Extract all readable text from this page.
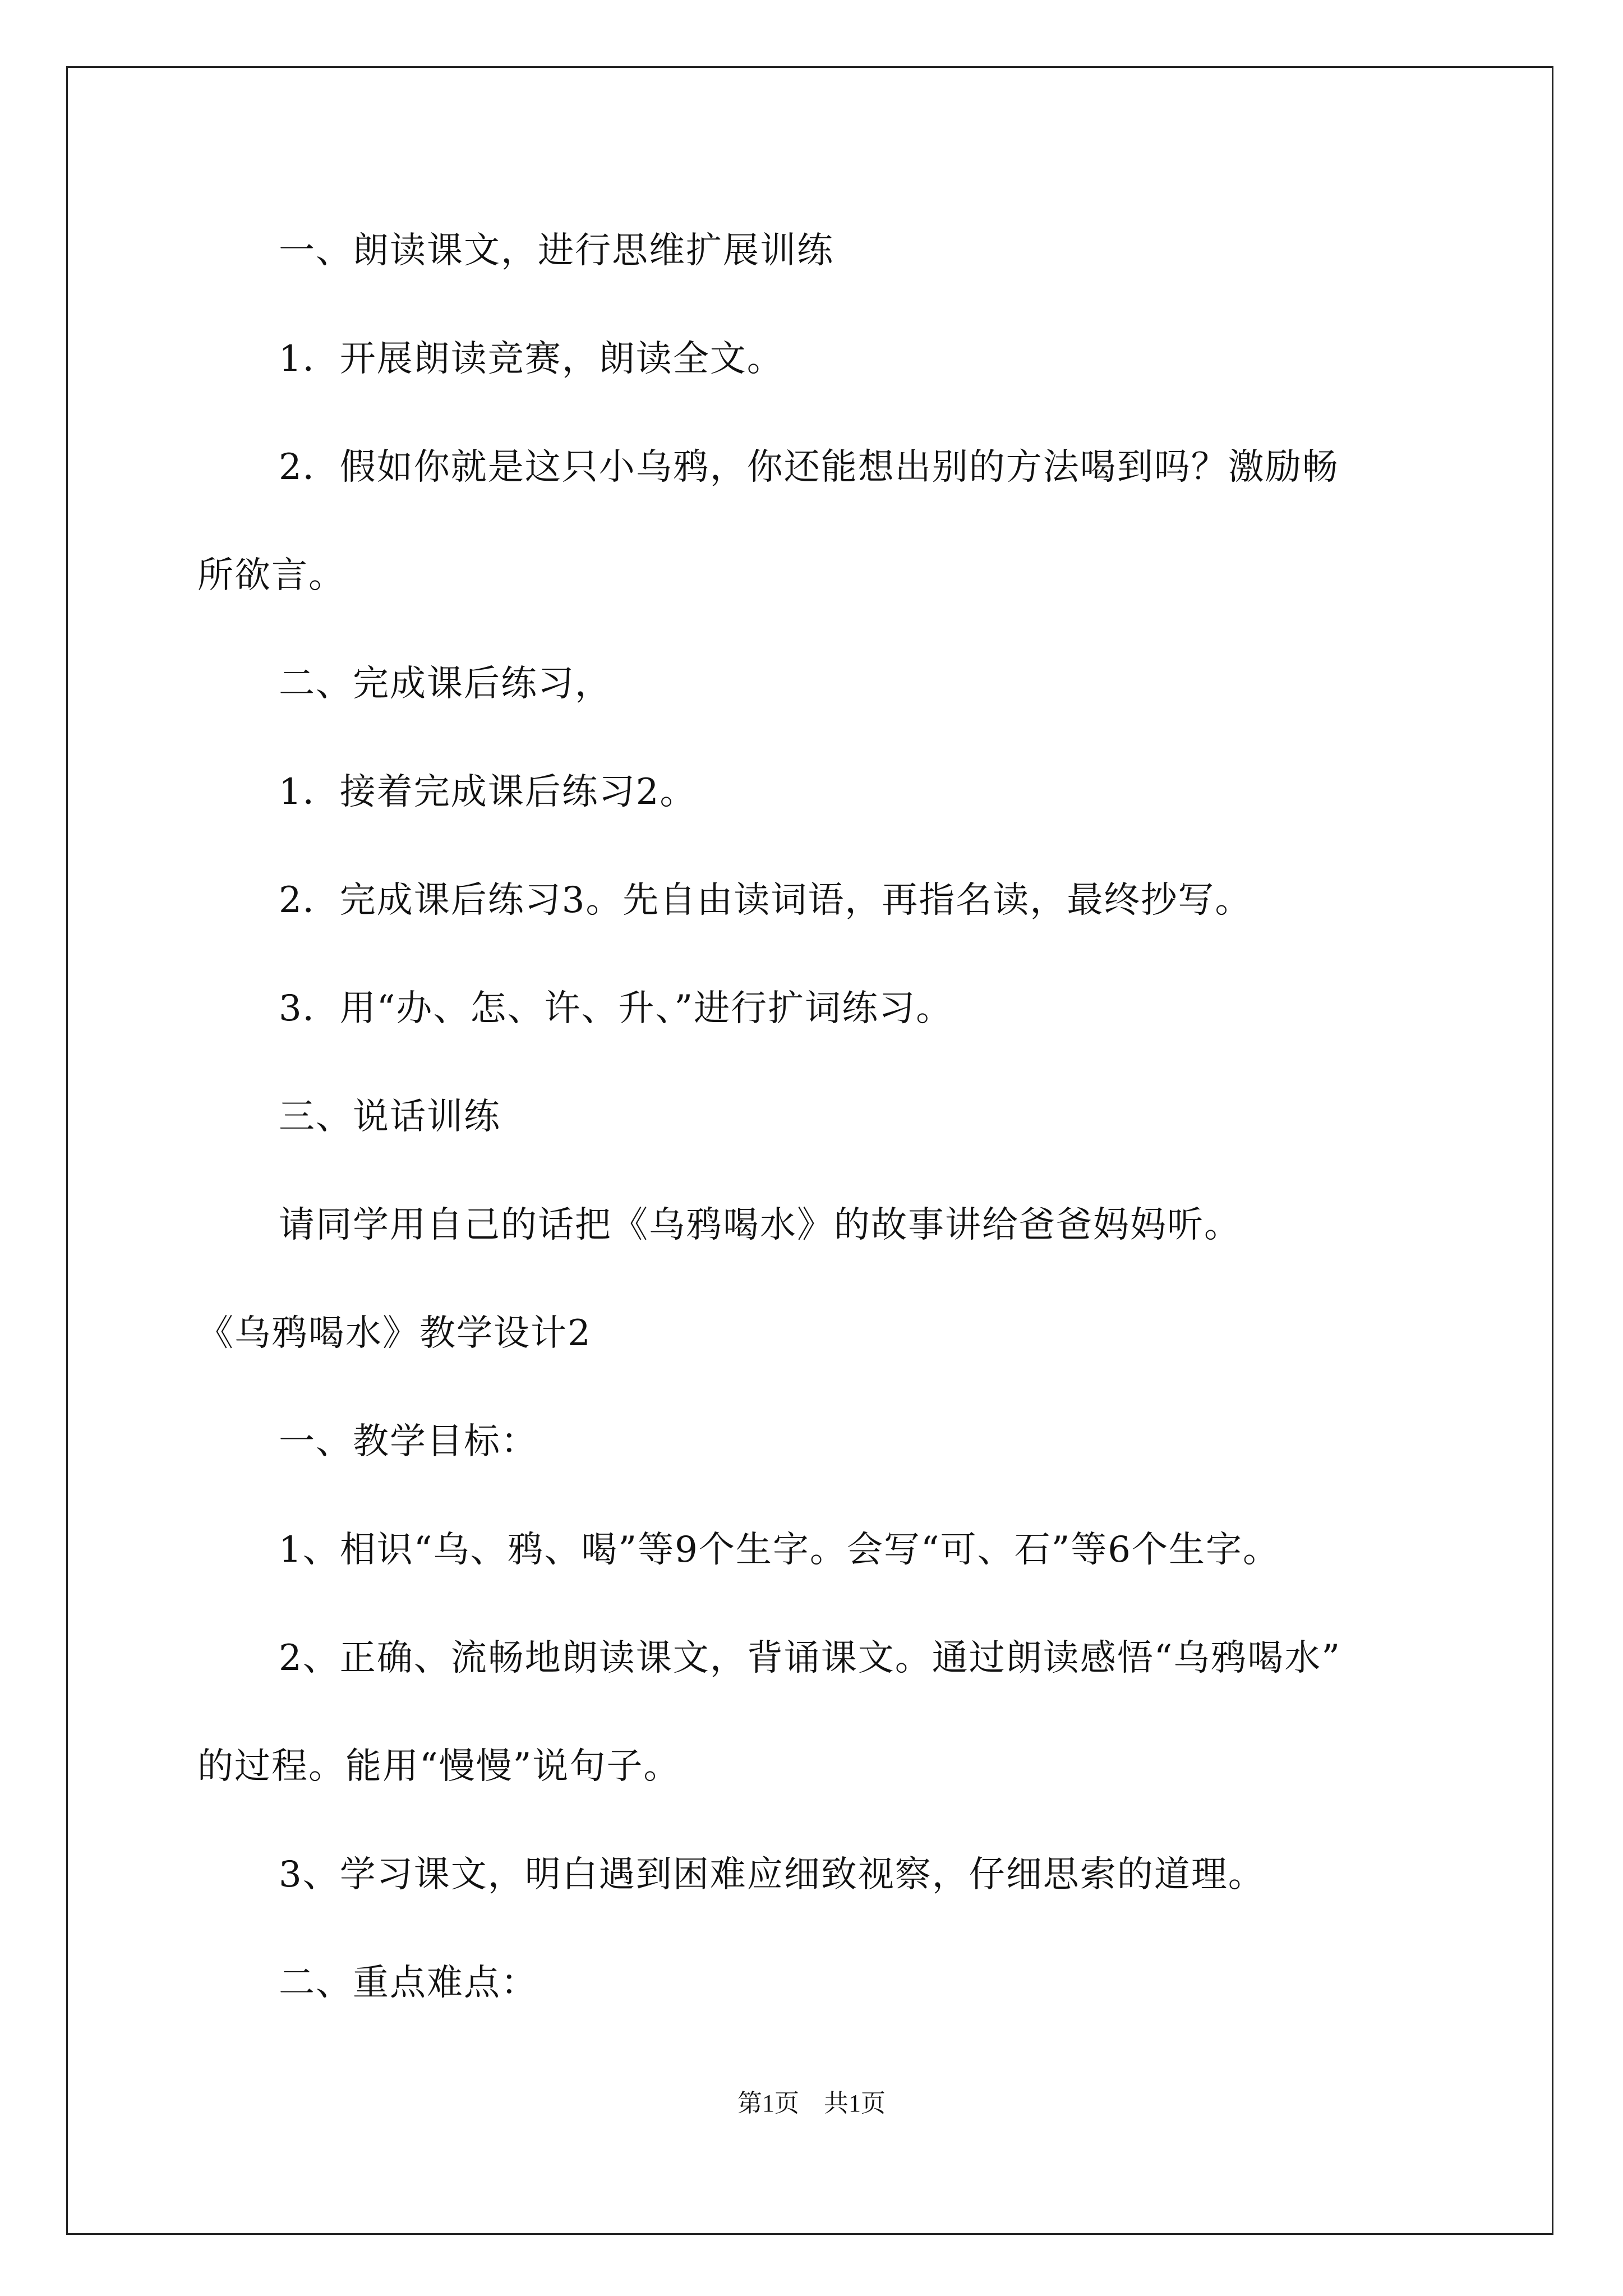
一、朗读课文，进行思维扩展训练
1．开展朗读竞赛，朗读全文。
2．假如你就是这只小乌鸦，你还能想出别的方法喝到吗？激励畅
所欲言。
二、完成课后练习，
1．接着完成课后练习2。
2．完成课后练习3。先自由读词语，再指名读，最终抄写。
3．用“办、怎、许、升、”进行扩词练习。
三、说话训练
请同学用自己的话把《乌鸦喝水》的故事讲给爸爸妈妈听。
《乌鸦喝水》教学设计2
一、教学目标：
1、相识“乌、鸦、喝”等9个生字。会写“可、石”等6个生字。
2、正确、流畅地朗读课文，背诵课文。通过朗读感悟“乌鸦喝水”
的过程。能用“慢慢”说句子。
3、学习课文，明白遇到困难应细致视察，仔细思索的道理。
二、重点难点：
第1页　共1页
